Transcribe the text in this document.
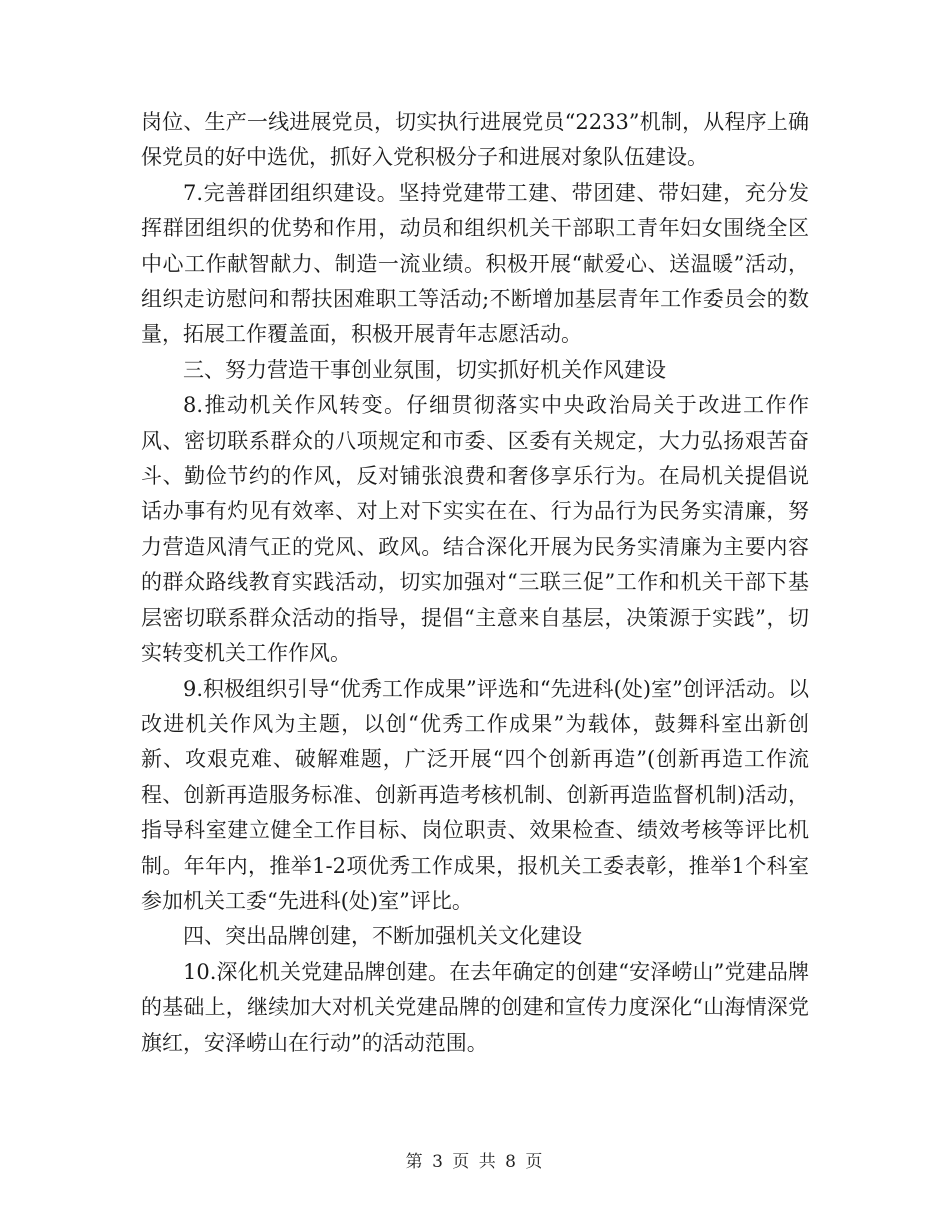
岗位、生产一线进展党员，切实执行进展党员“2233”机制，从程序上确保党员的好中选优，抓好入党积极分子和进展对象队伍建设。

7.完善群团组织建设。坚持党建带工建、带团建、带妇建，充分发挥群团组织的优势和作用，动员和组织机关干部职工青年妇女围绕全区中心工作献智献力、制造一流业绩。积极开展“献爱心、送温暖”活动，组织走访慰问和帮扶困难职工等活动;不断增加基层青年工作委员会的数量，拓展工作覆盖面，积极开展青年志愿活动。

三、努力营造干事创业氛围，切实抓好机关作风建设

8.推动机关作风转变。仔细贯彻落实中央政治局关于改进工作作风、密切联系群众的八项规定和市委、区委有关规定，大力弘扬艰苦奋斗、勤俭节约的作风，反对铺张浪费和奢侈享乐行为。在局机关提倡说话办事有灼见有效率、对上对下实实在在、行为品行为民务实清廉，努力营造风清气正的党风、政风。结合深化开展为民务实清廉为主要内容的群众路线教育实践活动，切实加强对“三联三促”工作和机关干部下基层密切联系群众活动的指导，提倡“主意来自基层，决策源于实践”，切实转变机关工作作风。

9.积极组织引导“优秀工作成果”评选和“先进科(处)室”创评活动。以改进机关作风为主题，以创“优秀工作成果”为载体，鼓舞科室出新创新、攻艰克难、破解难题，广泛开展“四个创新再造”(创新再造工作流程、创新再造服务标准、创新再造考核机制、创新再造监督机制)活动，指导科室建立健全工作目标、岗位职责、效果检查、绩效考核等评比机制。年年内，推举1-2项优秀工作成果，报机关工委表彰，推举1个科室参加机关工委“先进科(处)室”评比。

四、突出品牌创建，不断加强机关文化建设

10.深化机关党建品牌创建。在去年确定的创建“安泽崂山”党建品牌的基础上，继续加大对机关党建品牌的创建和宣传力度深化“山海情深党旗红，安泽崂山在行动”的活动范围。

第 3 页 共 8 页
